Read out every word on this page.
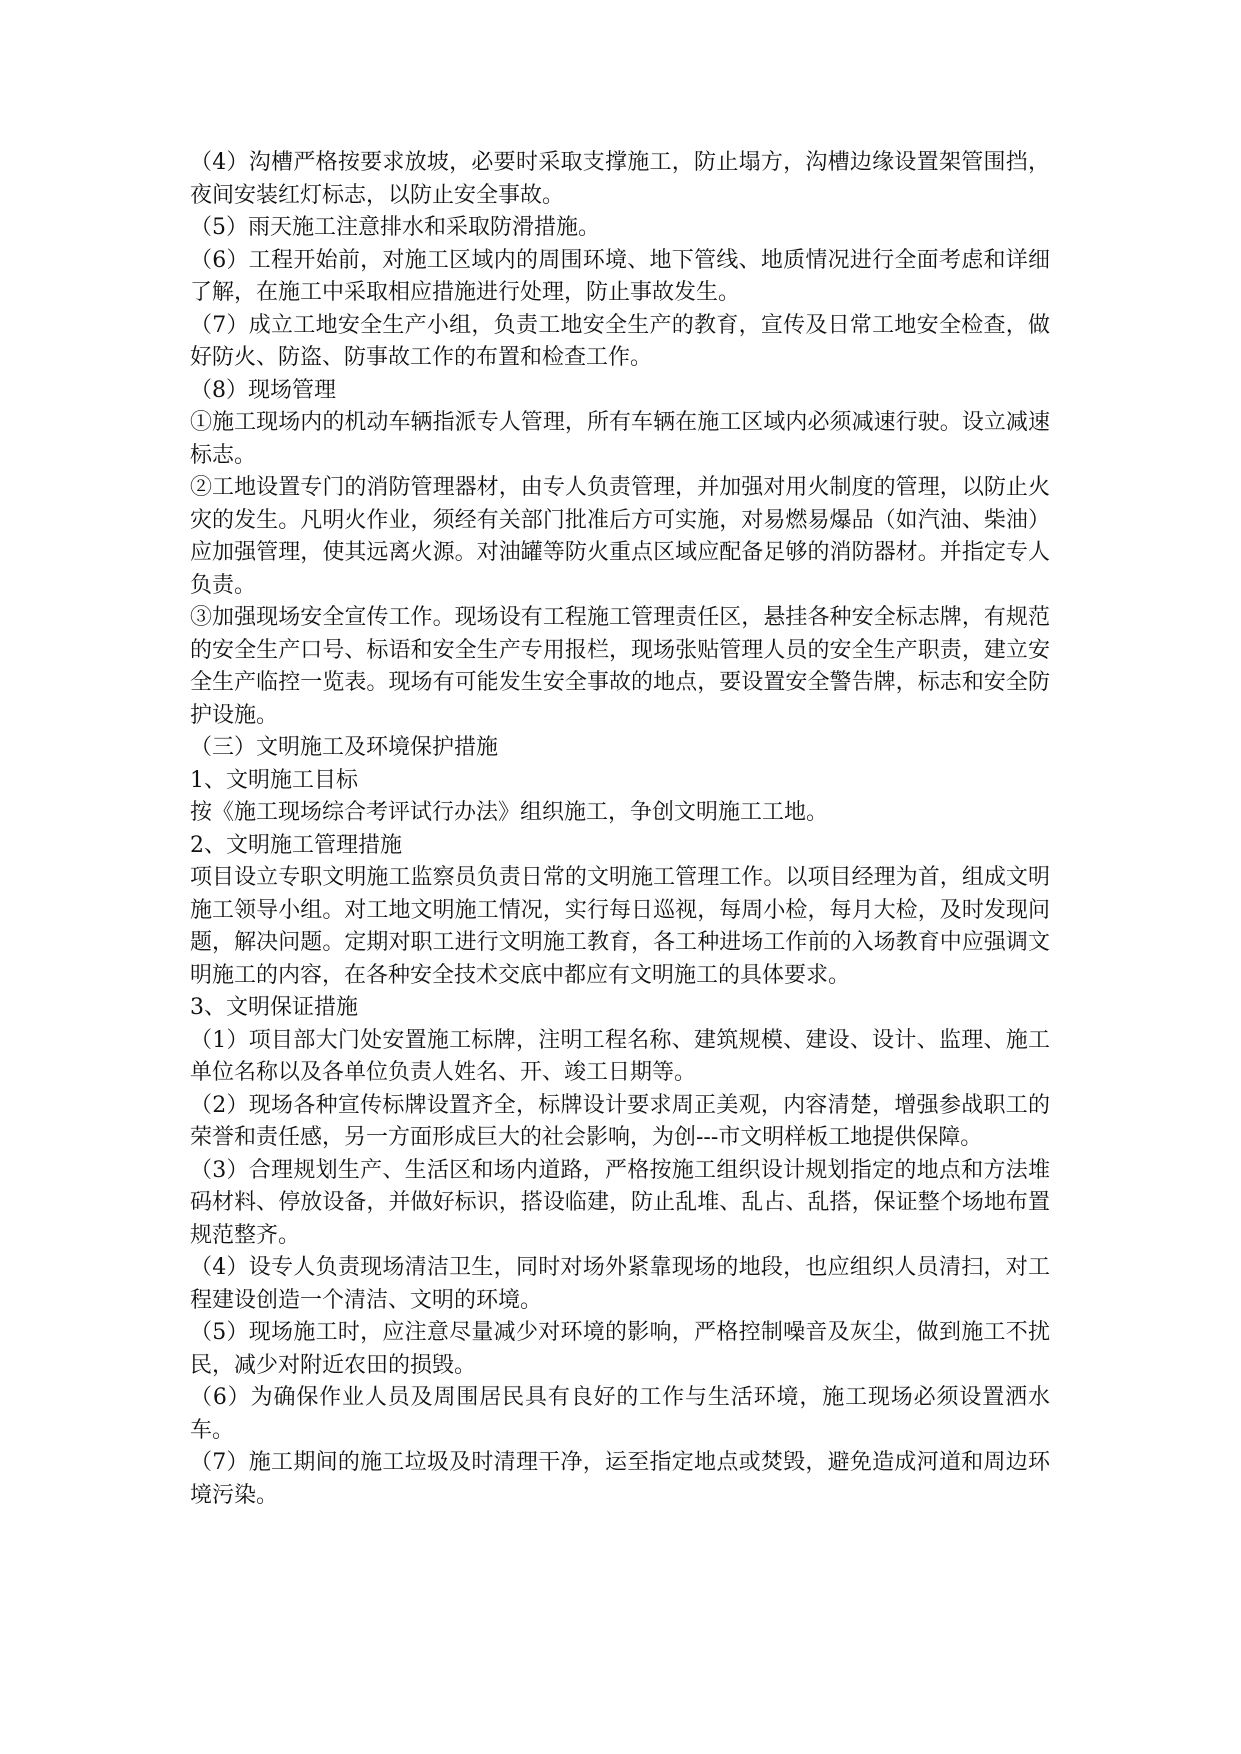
（4）沟槽严格按要求放坡，必要时采取支撑施工，防止塌方，沟槽边缘设置架管围挡，夜间安装红灯标志，以防止安全事故。

（5）雨天施工注意排水和采取防滑措施。

（6）工程开始前，对施工区域内的周围环境、地下管线、地质情况进行全面考虑和详细了解，在施工中采取相应措施进行处理，防止事故发生。

（7）成立工地安全生产小组，负责工地安全生产的教育，宣传及日常工地安全检查，做好防火、防盗、防事故工作的布置和检查工作。

（8）现场管理

①施工现场内的机动车辆指派专人管理，所有车辆在施工区域内必须减速行驶。设立减速标志。

②工地设置专门的消防管理器材，由专人负责管理，并加强对用火制度的管理，以防止火灾的发生。凡明火作业，须经有关部门批准后方可实施，对易燃易爆品（如汽油、柴油）应加强管理，使其远离火源。对油罐等防火重点区域应配备足够的消防器材。并指定专人负责。

③加强现场安全宣传工作。现场设有工程施工管理责任区，悬挂各种安全标志牌，有规范的安全生产口号、标语和安全生产专用报栏，现场张贴管理人员的安全生产职责，建立安全生产临控一览表。现场有可能发生安全事故的地点，要设置安全警告牌，标志和安全防护设施。

（三）文明施工及环境保护措施

1、文明施工目标

按《施工现场综合考评试行办法》组织施工，争创文明施工工地。

2、文明施工管理措施

项目设立专职文明施工监察员负责日常的文明施工管理工作。以项目经理为首，组成文明施工领导小组。对工地文明施工情况，实行每日巡视，每周小检，每月大检，及时发现问题，解决问题。定期对职工进行文明施工教育，各工种进场工作前的入场教育中应强调文明施工的内容，在各种安全技术交底中都应有文明施工的具体要求。

3、文明保证措施

（1）项目部大门处安置施工标牌，注明工程名称、建筑规模、建设、设计、监理、施工单位名称以及各单位负责人姓名、开、竣工日期等。

（2）现场各种宣传标牌设置齐全，标牌设计要求周正美观，内容清楚，增强参战职工的荣誉和责任感，另一方面形成巨大的社会影响，为创---市文明样板工地提供保障。

（3）合理规划生产、生活区和场内道路，严格按施工组织设计规划指定的地点和方法堆码材料、停放设备，并做好标识，搭设临建，防止乱堆、乱占、乱搭，保证整个场地布置规范整齐。

（4）设专人负责现场清洁卫生，同时对场外紧靠现场的地段，也应组织人员清扫，对工程建设创造一个清洁、文明的环境。

（5）现场施工时，应注意尽量减少对环境的影响，严格控制噪音及灰尘，做到施工不扰民，减少对附近农田的损毁。

（6）为确保作业人员及周围居民具有良好的工作与生活环境，施工现场必须设置洒水车。

（7）施工期间的施工垃圾及时清理干净，运至指定地点或焚毁，避免造成河道和周边环境污染。
